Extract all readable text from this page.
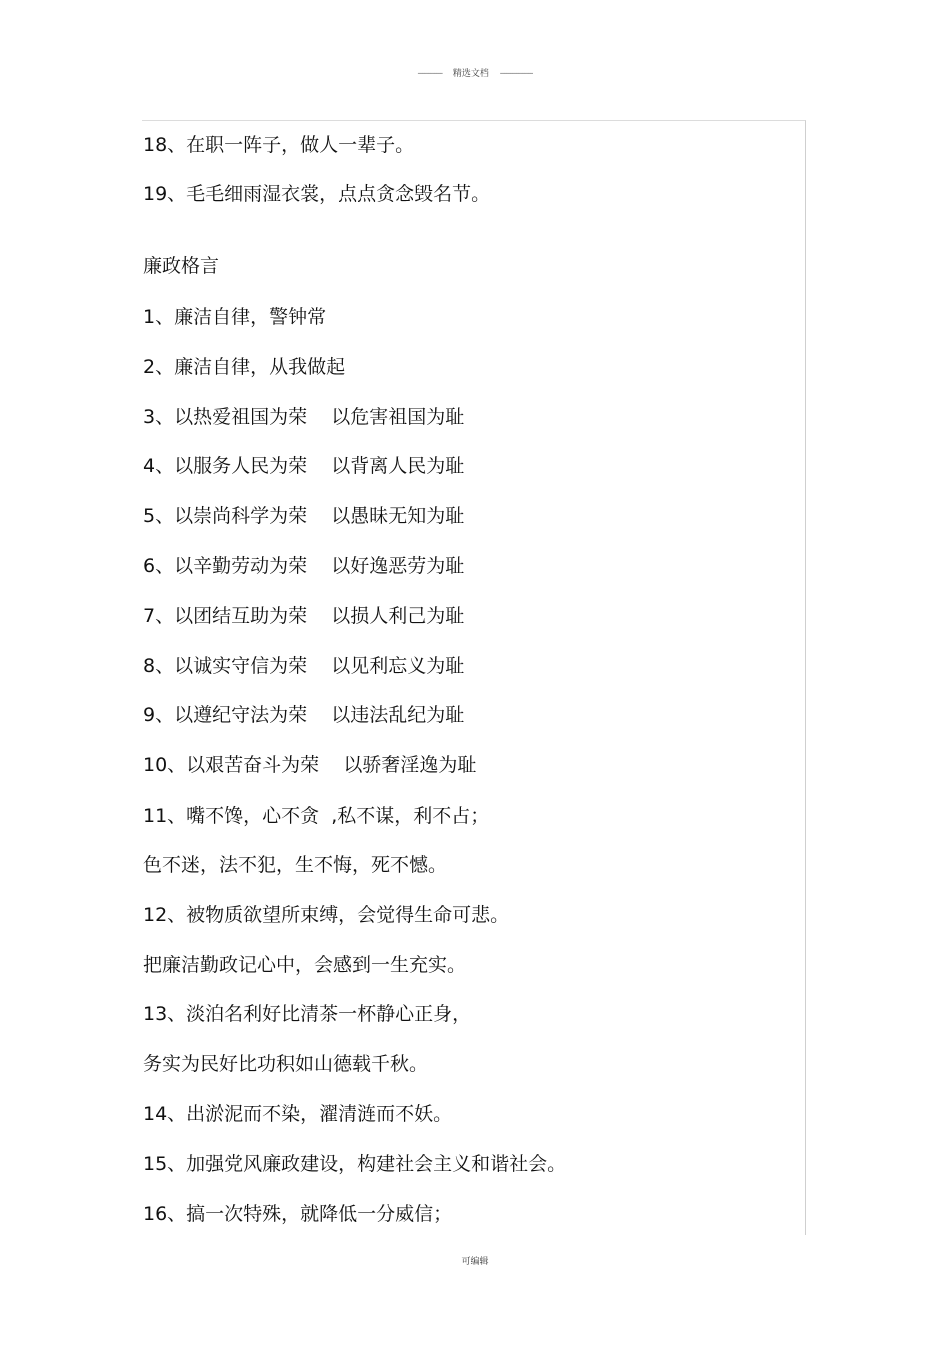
------------ 精选文档 ----------------
18、在职一阵子，做人一辈子。
19、毛毛细雨湿衣裳，点点贪念毁名节。
廉政格言
1、廉洁自律，警钟常
2、廉洁自律，从我做起
3、以热爱祖国为荣    以危害祖国为耻
4、以服务人民为荣    以背离人民为耻
5、以崇尚科学为荣    以愚昧无知为耻
6、以辛勤劳动为荣    以好逸恶劳为耻
7、以团结互助为荣    以损人利己为耻
8、以诚实守信为荣    以见利忘义为耻
9、以遵纪守法为荣    以违法乱纪为耻
10、以艰苦奋斗为荣    以骄奢淫逸为耻
11、嘴不馋，心不贪  ,私不谋，利不占；
色不迷，法不犯，生不悔，死不憾。
12、被物质欲望所束缚，会觉得生命可悲。
把廉洁勤政记心中，会感到一生充实。
13、淡泊名利好比清茶一杯静心正身，
务实为民好比功积如山德载千秋。
14、出淤泥而不染，濯清涟而不妖。
15、加强党风廉政建设，构建社会主义和谐社会。
16、搞一次特殊，就降低一分威信；
可编辑
